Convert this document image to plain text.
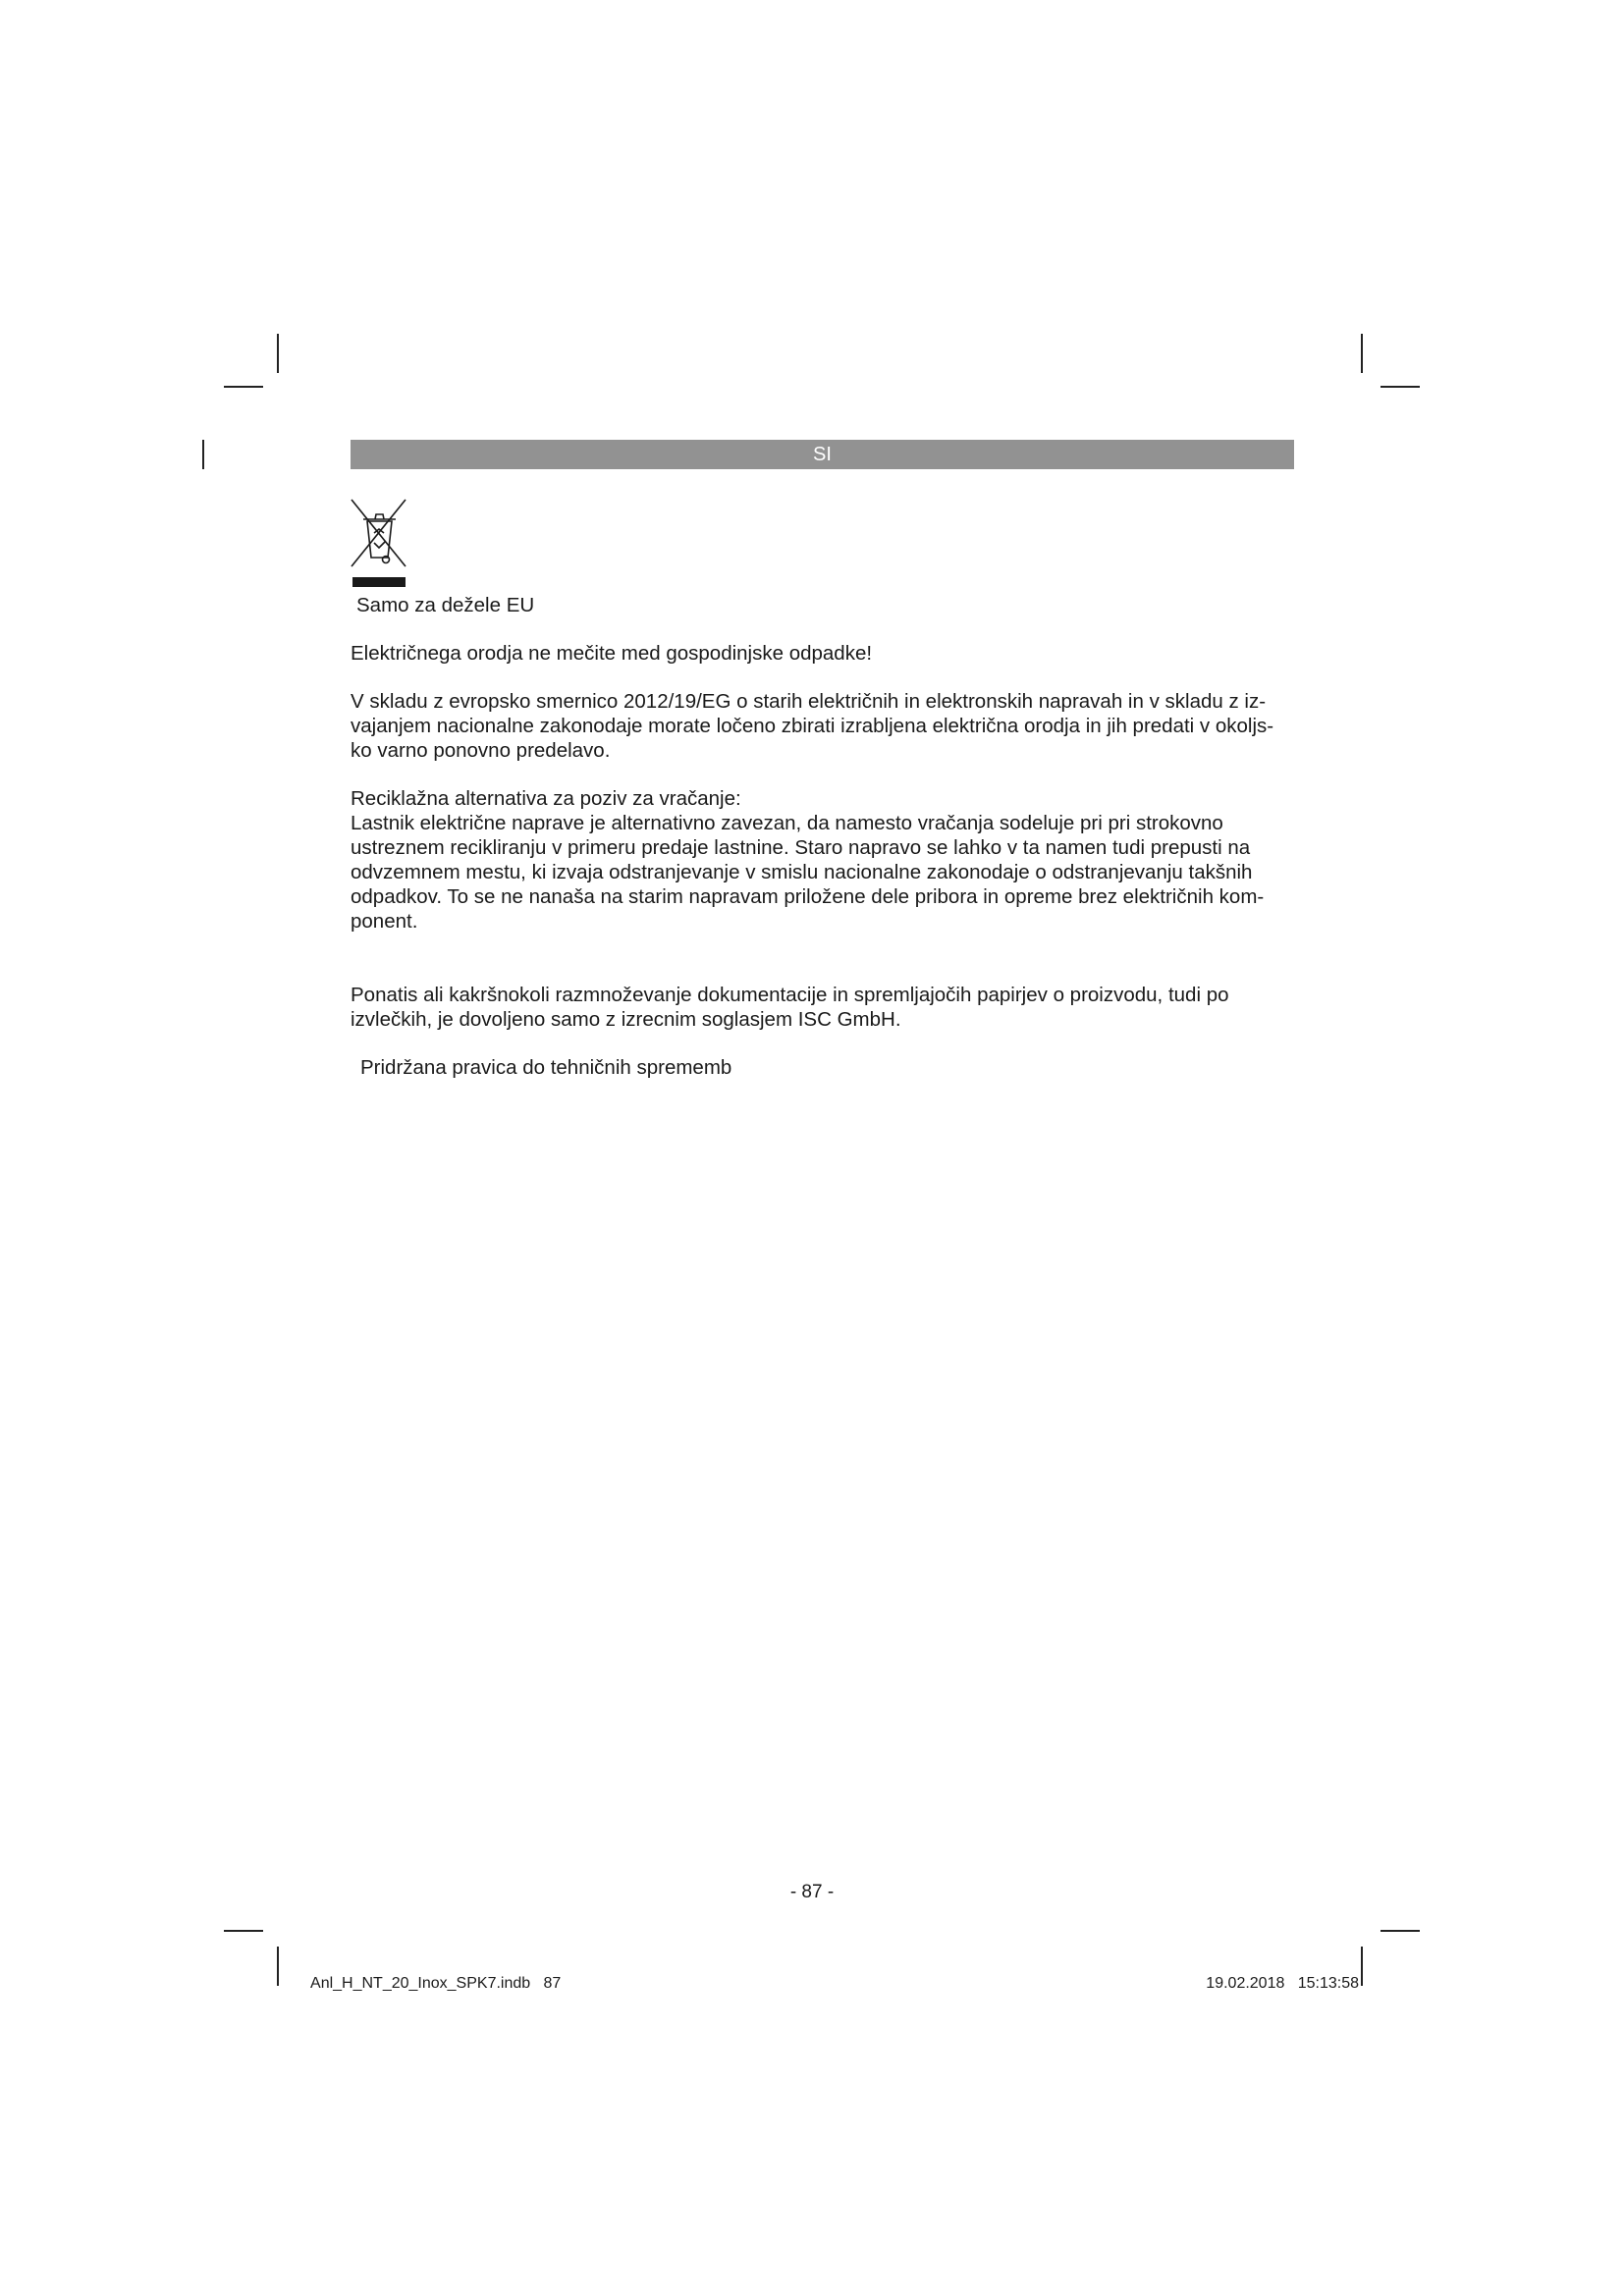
SI

Samo za dežele EU

Električnega orodja ne mečite med gospodinjske odpadke!

V skladu z evropsko smernico 2012/19/EG o starih električnih in elektronskih napravah in v skladu z iz-
vajanjem nacionalne zakonodaje morate ločeno zbirati izrabljena električna orodja in jih predati v okoljs-
ko varno ponovno predelavo.

Reciklažna alternativa za poziv za vračanje:

Lastnik električne naprave je alternativno zavezan, da namesto vračanja sodeluje pri pri strokovno
ustreznem recikliranju v primeru predaje lastnine. Staro napravo se lahko v ta namen tudi prepusti na
odvzemnem mestu, ki izvaja odstranjevanje v smislu nacionalne zakonodaje o odstranjevanju takšnih
odpadkov. To se ne nanaša na starim napravam priložene dele pribora in opreme brez električnih kom-
ponent.

Ponatis ali kakršnokoli razmnoževanje dokumentacije in spremljajočih papirjev o proizvodu, tudi po
izvlečkih, je dovoljeno samo z izrecnim soglasjem ISC GmbH.

Pridržana pravica do tehničnih sprememb

- 87 -

Anl_H_NT_20_Inox_SPK7.indb   87	19.02.2018   15:13:58
